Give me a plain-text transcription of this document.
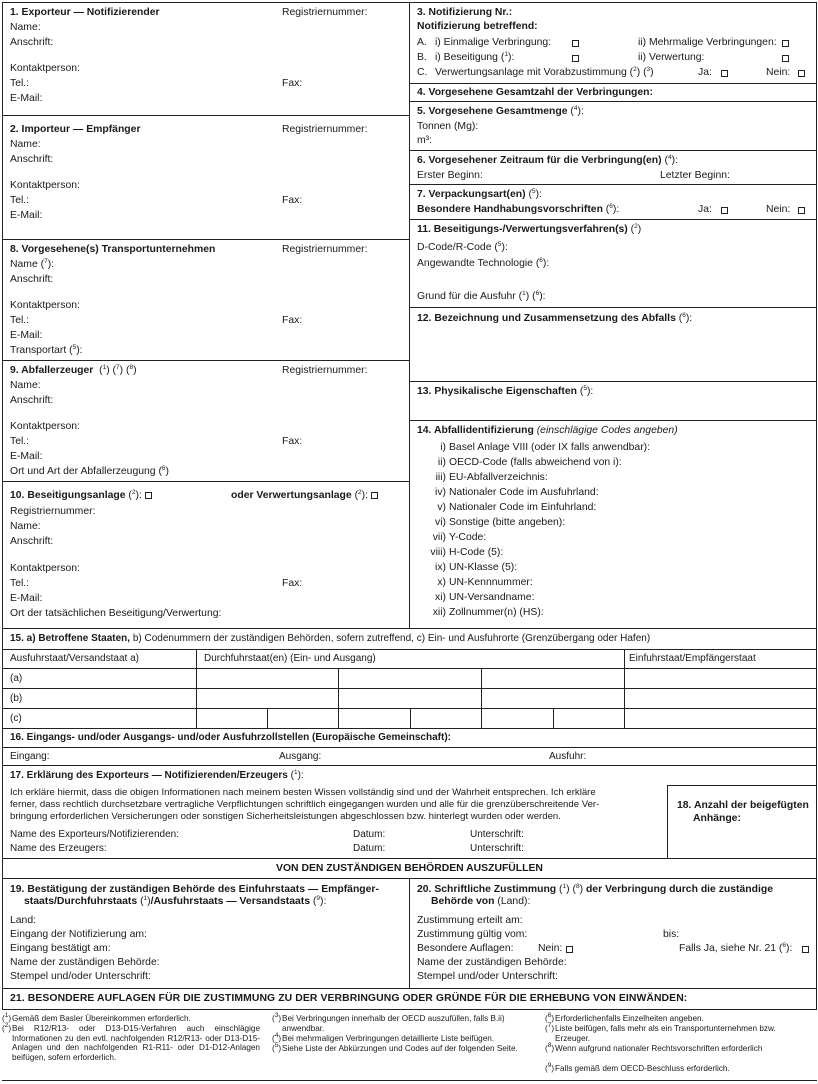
1. Exporteur — Notifizierender	Registriernummer:
Name:
Anschrift:
Kontaktperson:
Tel.:	Fax:
E-Mail:
2. Importeur — Empfänger	Registriernummer:
Name:
Anschrift:
Kontaktperson:
Tel.:	Fax:
E-Mail:
8. Vorgesehene(s) Transportunternehmen	Registriernummer:
Name ($^7$):
Anschrift:
Kontaktperson:
Tel.:	Fax:
E-Mail:
Transportart ($^5$):
9. Abfallerzeuger  ($^1$) ($^7$) ($^8$)	Registriernummer:
Name:
Anschrift:
Kontaktperson:
Tel.:	Fax:
E-Mail:
Ort und Art der Abfallerzeugung ($^6$)
10. Beseitigungsanlage ($^2$):	oder Verwertungsanlage ($^2$):
Registriernummer:
Name:
Anschrift:
Kontaktperson:
Tel.:	Fax:
E-Mail:
Ort der tatsächlichen Beseitigung/Verwertung:
3. Notifizierung Nr.:
Notifizierung betreffend:
A. i) Einmalige Verbringung:	ii) Mehrmalige Verbringungen:
B. i) Beseitigung ($^1$):	ii) Verwertung:
C. Verwertungsanlage mit Vorabzustimmung ($^2$) ($^3$)	Ja:	Nein:
4. Vorgesehene Gesamtzahl der Verbringungen:
5. Vorgesehene Gesamtmenge ($^4$):
Tonnen (Mg):
m³:
6. Vorgesehener Zeitraum für die Verbringung(en) ($^4$):
Erster Beginn:	Letzter Beginn:
7. Verpackungsart(en) ($^5$):
Besondere Handhabungsvorschriften ($^6$):	Ja:	Nein:
11. Beseitigungs-/Verwertungsverfahren(s) ($^2$)
D-Code/R-Code ($^5$):
Angewandte Technologie ($^6$):
Grund für die Ausfuhr ($^1$) ($^6$):
12. Bezeichnung und Zusammensetzung des Abfalls ($^6$):
13. Physikalische Eigenschaften ($^5$):
14. Abfallidentifizierung (einschlägige Codes angeben)
i) Basel Anlage VIII (oder IX falls anwendbar):
ii) OECD-Code (falls abweichend von i):
iii) EU-Abfallverzeichnis:
iv) Nationaler Code im Ausfuhrland:
v) Nationaler Code im Einfuhrland:
vi) Sonstige (bitte angeben):
vii) Y-Code:
viii) H-Code (5):
ix) UN-Klasse (5):
x) UN-Kennnummer:
xi) UN-Versandname:
xii) Zollnummer(n) (HS):
15. a) Betroffene Staaten, b) Codenummern der zuständigen Behörden, sofern zutreffend, c) Ein- und Ausfuhrorte (Grenzübergang oder Hafen)
Ausfuhrstaat/Versandstaat a)	Durchfuhrstaat(en) (Ein- und Ausgang)	Einfuhrstaat/Empfängerstaat
(a)
(b)
(c)
16. Eingangs- und/oder Ausgangs- und/oder Ausfuhrzollstellen (Europäische Gemeinschaft):
Eingang:	Ausgang:	Ausfuhr:
17. Erklärung des Exporteurs — Notifizierenden/Erzeugers ($^1$):
Ich erkläre hiermit, dass die obigen Informationen nach meinem besten Wissen vollständig sind und der Wahrheit entsprechen. Ich erkläre
ferner, dass rechtlich durchsetzbare vertragliche Verpflichtungen schriftlich eingegangen wurden und alle für die grenzüberschreitende Ver-
bringung erforderlichen Versicherungen oder sonstigen Sicherheitsleistungen abgeschlossen bzw. hinterlegt wurden oder werden.
Name des Exporteurs/Notifizierenden:	Datum:	Unterschrift:
Name des Erzeugers:	Datum:	Unterschrift:
18. Anzahl der beigefügten
Anhänge:
VON DEN ZUSTÄNDIGEN BEHÖRDEN AUSZUFÜLLEN
19. Bestätigung der zuständigen Behörde des Einfuhrstaats — Empfänger-
staats/Durchfuhrstaats ($^1$)/Ausfuhrstaats — Versandstaats ($^9$):
Land:
Eingang der Notifizierung am:
Eingang bestätigt am:
Name der zuständigen Behörde:
Stempel und/oder Unterschrift:
20. Schriftliche Zustimmung ($^1$) ($^8$) der Verbringung durch die zuständige
Behörde von (Land):
Zustimmung erteilt am:
Zustimmung gültig vom:	bis:
Besondere Auflagen: Nein:	Falls Ja, siehe Nr. 21 ($^6$):
Name der zuständigen Behörde:
Stempel und/oder Unterschrift:
21. BESONDERE AUFLAGEN FÜR DIE ZUSTIMMUNG ZU DER VERBRINGUNG ODER GRÜNDE FÜR DIE ERHEBUNG VON EINWÄNDEN:
($^1$) Gemäß dem Basler Übereinkommen erforderlich.
($^2$) Bei R12/R13- oder D13-D15-Verfahren auch einschlägige Informationen zu den evtl. nachfolgenden R12/R13- oder D13-D15-Anlagen und den nachfolgenden R1-R11- oder D1-D12-Anlagen beifügen, sofern erforderlich.
($^3$) Bei Verbringungen innerhalb der OECD auszufüllen, falls B.ii) anwendbar.
($^4$) Bei mehrmaligen Verbringungen detaillierte Liste beifügen.
($^5$) Siehe Liste der Abkürzungen und Codes auf der folgenden Seite.
($^6$) Erforderlichenfalls Einzelheiten angeben.
($^7$) Liste beifügen, falls mehr als ein Transportunternehmen bzw. Erzeuger.
($^8$) Wenn aufgrund nationaler Rechtsvorschriften erforderlich
($^9$) Falls gemäß dem OECD-Beschluss erforderlich.
